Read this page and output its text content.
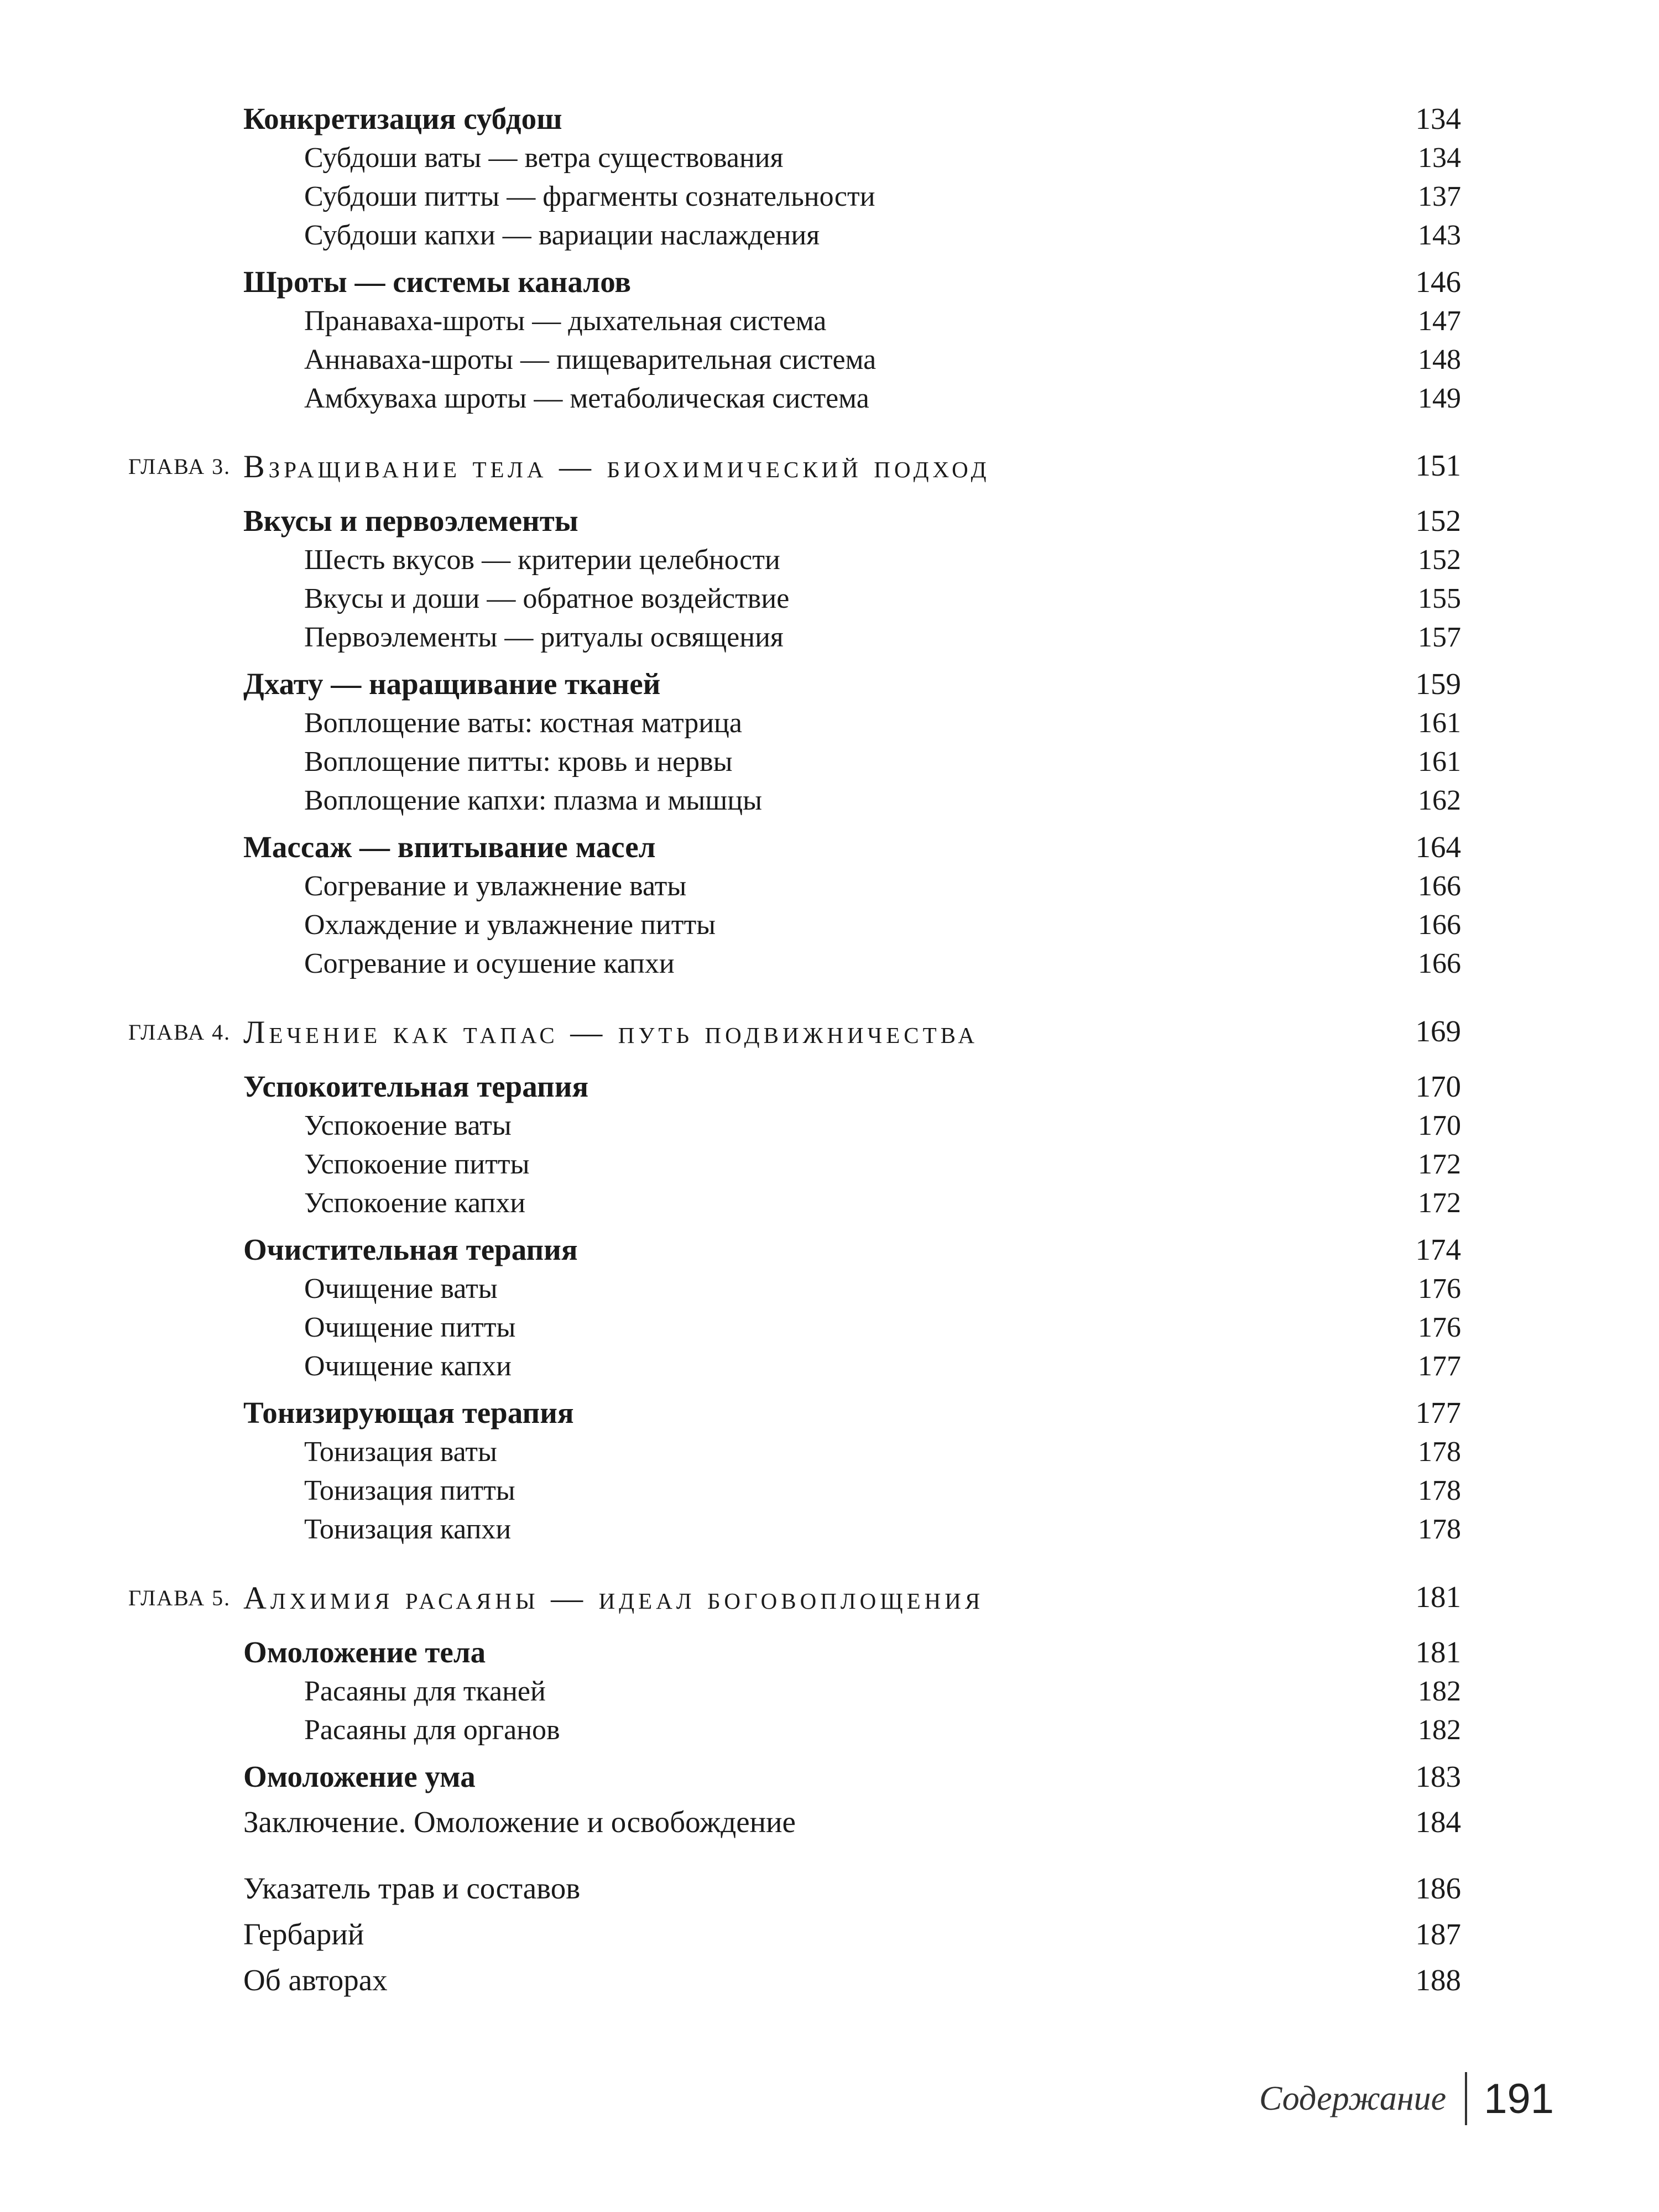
Конкретизация субдош	134
Субдоши ваты — ветра существования	134
Субдоши питты — фрагменты сознательности	137
Субдоши капхи — вариации наслаждения	143
Шроты — системы каналов	146
Пранаваха-шроты — дыхательная система	147
Аннаваха-шроты — пищеварительная система	148
Амбхуваха шроты — метаболическая система	149
ГЛАВА 3. Взращивание тела — биохимический подход	151
Вкусы и первоэлементы	152
Шесть вкусов — критерии целебности	152
Вкусы и доши — обратное воздействие	155
Первоэлементы — ритуалы освящения	157
Дхату — наращивание тканей	159
Воплощение ваты: костная матрица	161
Воплощение питты: кровь и нервы	161
Воплощение капхи: плазма и мышцы	162
Массаж — впитывание масел	164
Согревание и увлажнение ваты	166
Охлаждение и увлажнение питты	166
Согревание и осушение капхи	166
ГЛАВА 4. Лечение как тапас — путь подвижничества	169
Успокоительная терапия	170
Успокоение ваты	170
Успокоение питты	172
Успокоение капхи	172
Очистительная терапия	174
Очищение ваты	176
Очищение питты	176
Очищение капхи	177
Тонизирующая терапия	177
Тонизация ваты	178
Тонизация питты	178
Тонизация капхи	178
ГЛАВА 5. Алхимия расаяны — идеал боговоплощения	181
Омоложение тела	181
Расаяны для тканей	182
Расаяны для органов	182
Омоложение ума	183
Заключение. Омоложение и освобождение	184
Указатель трав и составов	186
Гербарий	187
Об авторах	188
Содержание 191
